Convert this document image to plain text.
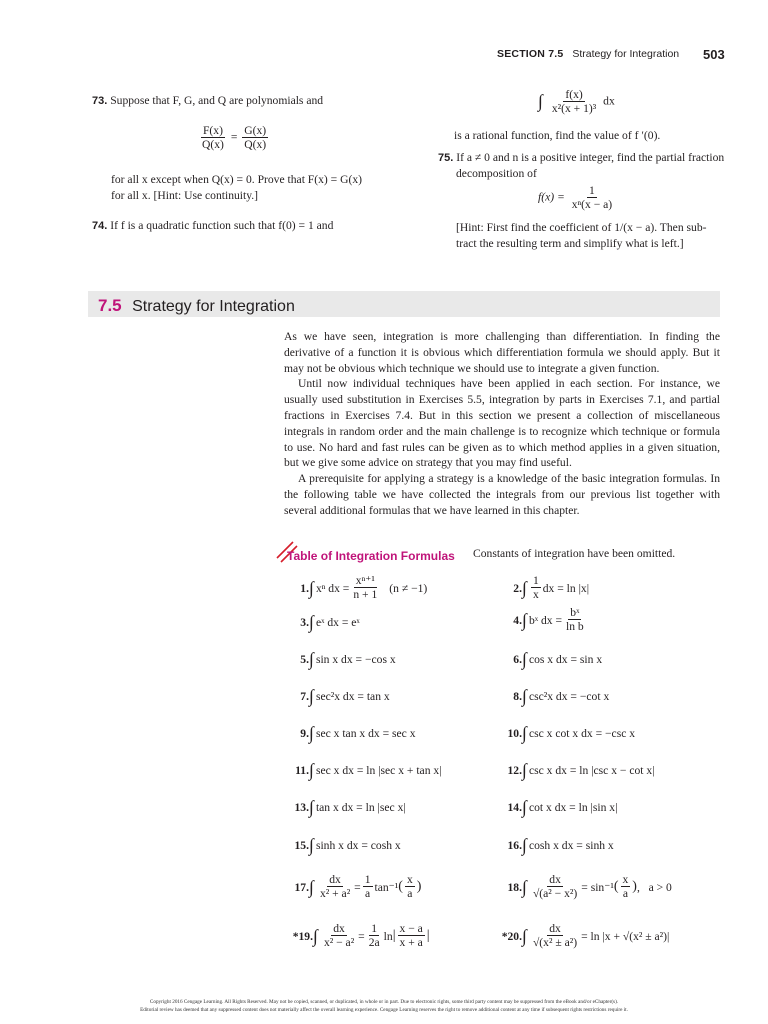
SECTION 7.5 Strategy for Integration 503
73. Suppose that F, G, and Q are polynomials and
$\frac{F(x)}{Q(x)} = \frac{G(x)}{Q(x)}$
for all x except when Q(x) = 0. Prove that F(x) = G(x)
for all x. [Hint: Use continuity.]
74. If f is a quadratic function such that f(0) = 1 and
∫ $\frac{f(x)}{\text{x²(x + 1)³}}$ dx
is a rational function, find the value of f ′(0).
75. If a ≠ 0 and n is a positive integer, find the partial fraction
decomposition of
$f(x) = \frac{1}{\text{xⁿ(x − a)}}$
[Hint: First find the coefficient of 1/(x − a). Then sub-
tract the resulting term and simplify what is left.]
7.5 Strategy for Integration

As we have seen, integration is more challenging than differentiation. In finding the derivative of a function it is obvious which differentiation formula we should apply. But it may not be obvious which technique we should use to integrate a given function.

Until now individual techniques have been applied in each section. For instance, we usually used substitution in Exercises 5.5, integration by parts in Exercises 7.1, and partial fractions in Exercises 7.4. But in this section we present a collection of miscellaneous integrals in random order and the main challenge is to recognize which technique or formula to use. No hard and fast rules can be given as to which method applies in a given situation, but we give some advice on strategy that you may find useful.

A prerequisite for applying a strategy is a knowledge of the basic integration formulas. In the following table we have collected the integrals from our previous list together with several additional formulas that we have learned in this chapter.

Table of Integration Formulas Constants of integration have been omitted.
1. ∫ xⁿ dx = $\frac{\text{xⁿ⁺¹}}{n + 1} (n \ne -1)$	2. ∫ $\frac{1}{x}$ dx = ln |x|
3. ∫ eˣ dx = eˣ	4. ∫ bˣ dx = $\frac{\text{bˣ}}{\text{ln b}}$
5. ∫ sin x dx = −cos x	6. ∫ cos x dx = sin x
7. ∫ sec²x dx = tan x	8. ∫ csc²x dx = −cot x
9. ∫ sec x tan x dx = sec x	10. ∫ csc x cot x dx = −csc x
11. ∫ sec x dx = ln |sec x + tan x|	12. ∫ csc x dx = ln |csc x − cot x|
13. ∫ tan x dx = ln |sec x|	14. ∫ cot x dx = ln |sin x|
15. ∫ sinh x dx = cosh x	16. ∫ cosh x dx = sinh x
17. ∫ $\frac{dx}{\text{x² + a²}} = \frac{1}{a} \tan^{-1}$ ( $\frac{x}{a}$ )	18. ∫ $\frac{dx}{\text{√(a² − x²)}} = \sin^{-1}$ ( $\frac{x}{a}$ ) ,   a > 0
*19. ∫ $\frac{dx}{\text{x² − a²}} = \frac{1}{2a}$ ln | $\frac{x - a}{x + a}$ |	*20. ∫ $\frac{dx}{\text{√(x² ± a²)}} = \ln |x + √(x^2 \pm a^2)|$
Copyright 2016 Cengage Learning. All Rights Reserved. May not be copied, scanned, or duplicated, in whole or in part. Due to electronic rights, some third party content may be suppressed from the eBook and/or eChapter(s).
Editorial review has deemed that any suppressed content does not materially affect the overall learning experience. Cengage Learning reserves the right to remove additional content at any time if subsequent rights restrictions require it.
